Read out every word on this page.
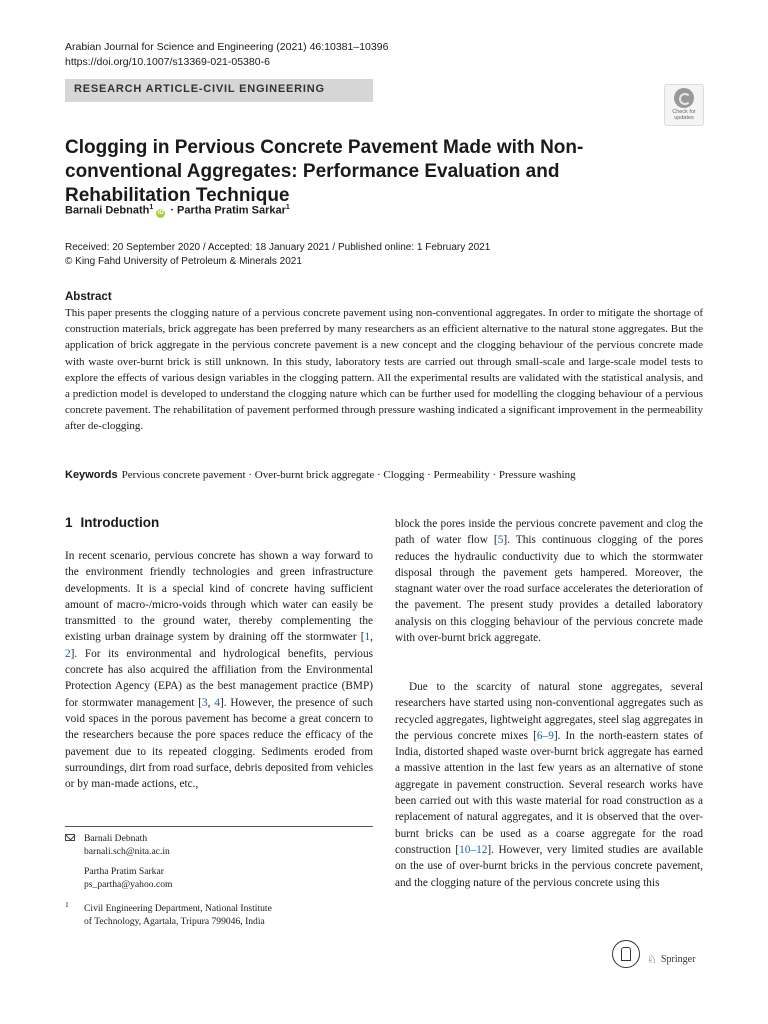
Arabian Journal for Science and Engineering (2021) 46:10381–10396
https://doi.org/10.1007/s13369-021-05380-6
RESEARCH ARTICLE-CIVIL ENGINEERING
Check for
updates
Clogging in Pervious Concrete Pavement Made with Non-conventional Aggregates: Performance Evaluation and Rehabilitation Technique
Barnali Debnath$^1$iD · Partha Pratim Sarkar$^1$
Received: 20 September 2020 / Accepted: 18 January 2021 / Published online: 1 February 2021
© King Fahd University of Petroleum & Minerals 2021
Abstract

This paper presents the clogging nature of a pervious concrete pavement using non-conventional aggregates. In order to mitigate the shortage of construction materials, brick aggregate has been preferred by many researchers as an efficient alternative to the natural stone aggregates. But the application of brick aggregate in the pervious concrete pavement is a new concept and the clogging behaviour of the pervious concrete made with waste over-burnt brick is still unknown. In this study, laboratory tests are carried out through small-scale and large-scale model tests to explore the effects of various design variables in the clogging pattern. All the experimental results are validated with the statistical analysis, and a prediction model is developed to understand the clogging nature which can be further used for modelling the clogging behaviour of a pervious concrete pavement. The rehabilitation of pavement performed through pressure washing indicated a significant improvement in the permeability after de-clogging.

Keywords Pervious concrete pavement · Over-burnt brick aggregate · Clogging · Permeability · Pressure washing
1 Introduction

In recent scenario, pervious concrete has shown a way forward to the environment friendly technologies and green infrastructure developments. It is a special kind of concrete having sufficient amount of macro-/micro-voids through which water can easily be transmitted to the ground water, thereby complementing the existing urban drainage system by draining off the stormwater [1, 2]. For its environmental and hydrological benefits, pervious concrete has also acquired the affiliation from the Environmental Protection Agency (EPA) as the best management practice (BMP) for stormwater management [3, 4]. However, the presence of such void spaces in the porous pavement has become a great concern to the researchers because the pore spaces reduce the efficacy of the pavement due to its repeated clogging. Sediments eroded from surroundings, dirt from road surface, debris deposited from vehicles or by man-made actions, etc.,

block the pores inside the pervious concrete pavement and clog the path of water flow [5]. This continuous clogging of the pores reduces the hydraulic conductivity due to which the stormwater disposal through the pavement gets hampered. Moreover, the stagnant water over the road surface accelerates the deterioration of the pavement. The present study provides a detailed laboratory analysis on this clogging behaviour of the pervious concrete made with over-burnt brick aggregate.

Due to the scarcity of natural stone aggregates, several researchers have started using non-conventional aggregates such as recycled aggregates, lightweight aggregates, steel slag aggregates in the pervious concrete mixes [6–9]. In the north-eastern states of India, distorted shaped waste over-burnt brick aggregate has earned a massive attention in the last few years as an alternative of stone aggregate in pavement construction. Several research works have been carried out with this waste material for road construction as a replacement of natural aggregates, and it is observed that the over-burnt bricks can be used as a coarse aggregate for the road construction [10–12]. However, very limited studies are available on the use of over-burnt bricks in the pervious concrete pavement, and the clogging nature of the pervious concrete using this

Barnali Debnath
barnali.sch@nita.ac.in
Partha Pratim Sarkar
ps_partha@yahoo.com
1 Civil Engineering Department, National Institute
of Technology, Agartala, Tripura 799046, India
♘ Springer
